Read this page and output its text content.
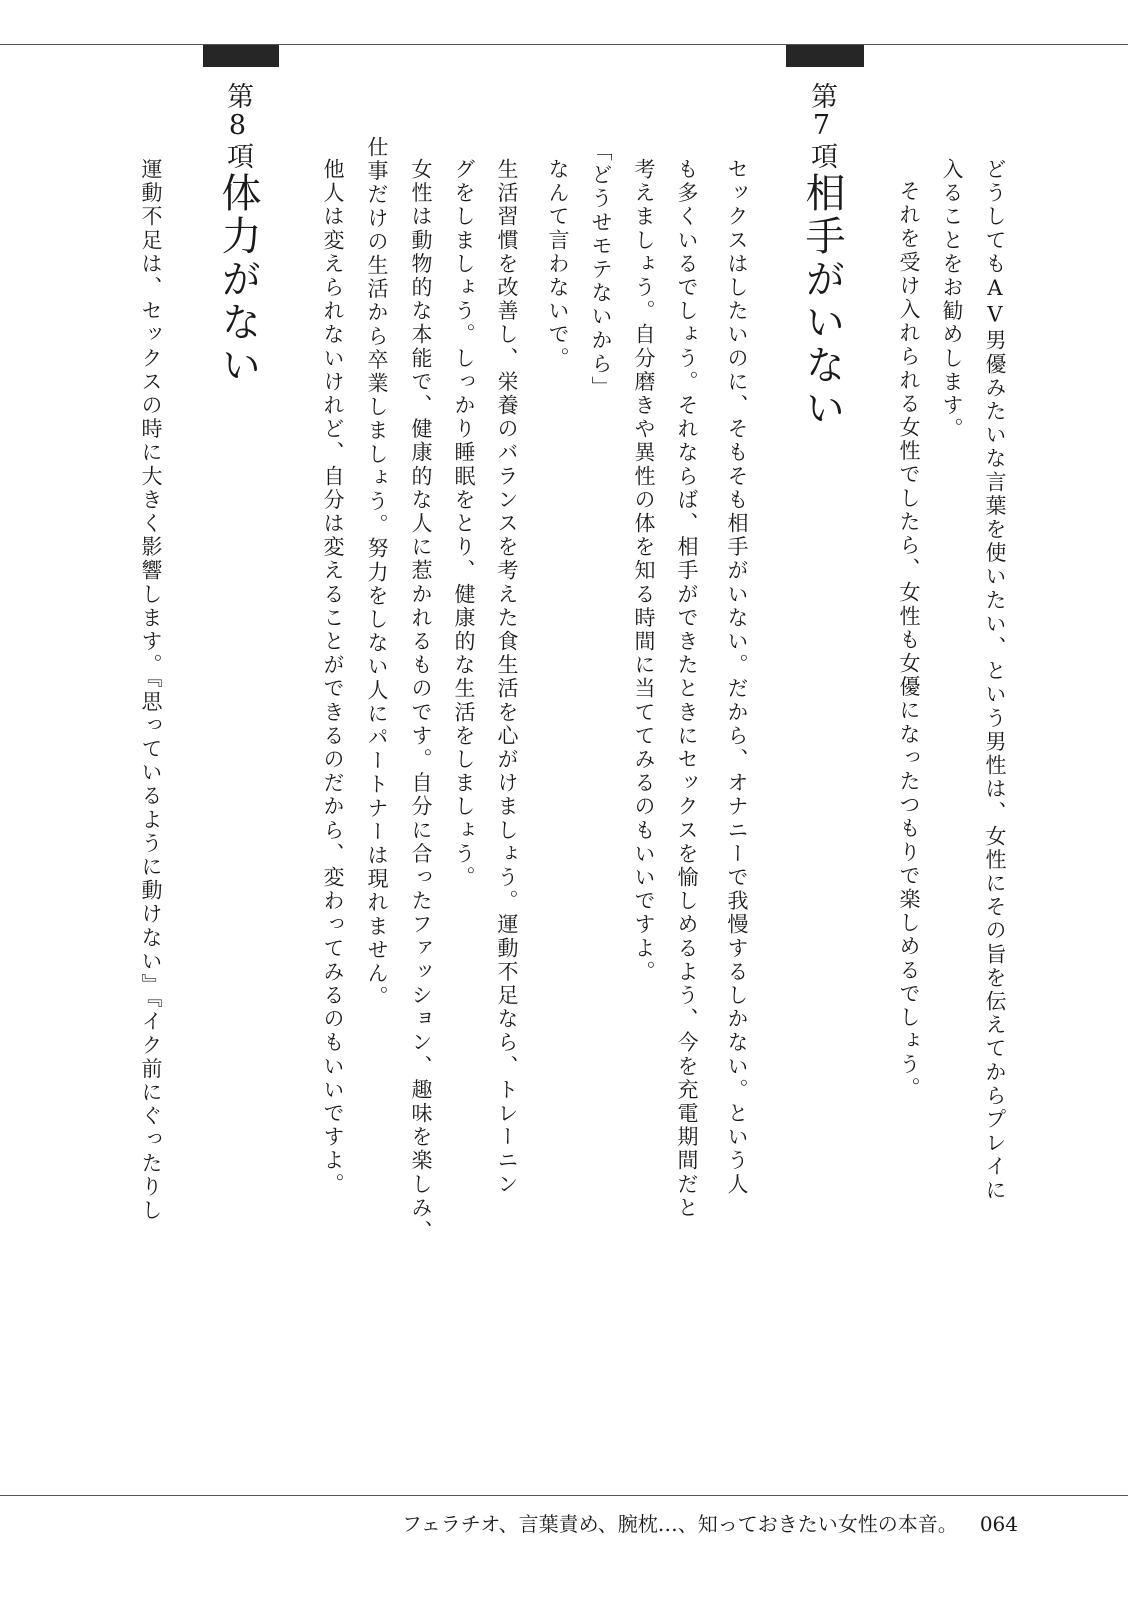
どうしてもAV男優みたいな言葉を使いたい、という男性は、女性にその旨を伝えてからプレイに
入ることをお勧めします。
それを受け入れられる女性でしたら、女性も女優になったつもりで楽しめるでしょう。
第7項
相手がいない
セックスはしたいのに、そもそも相手がいない。だから、オナニーで我慢するしかない。という人
も多くいるでしょう。それならば、相手ができたときにセックスを愉しめるよう、今を充電期間だと
考えましょう。自分磨きや異性の体を知る時間に当ててみるのもいいですよ。
「どうせモテないから」
なんて言わないで。
生活習慣を改善し、栄養のバランスを考えた食生活を心がけましょう。運動不足なら、トレーニン
グをしましょう。しっかり睡眠をとり、健康的な生活をしましょう。
女性は動物的な本能で、健康的な人に惹かれるものです。自分に合ったファッション、趣味を楽しみ、
仕事だけの生活から卒業しましょう。努力をしない人にパートナーは現れません。
他人は変えられないけれど、自分は変えることができるのだから、変わってみるのもいいですよ。
第8項
体力がない
運動不足は、セックスの時に大きく影響します。『思っているように動けない』『イク前にぐったりし
フェラチオ、言葉責め、腕枕…、知っておきたい女性の本音。 064
